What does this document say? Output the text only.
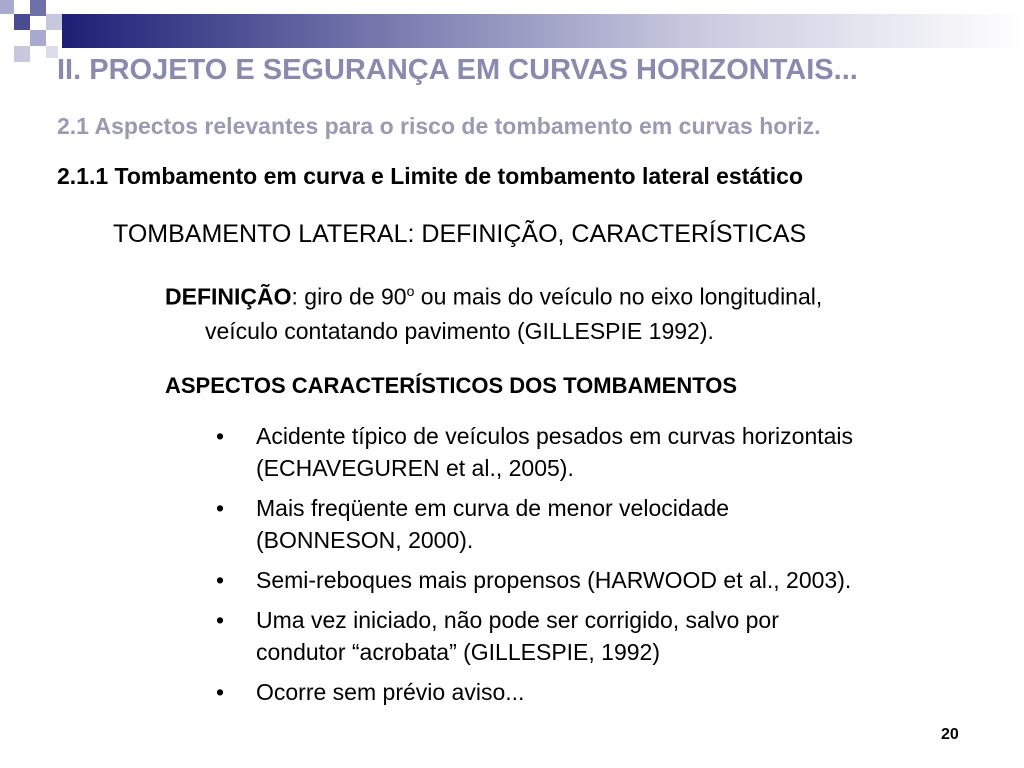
II. PROJETO E SEGURANÇA EM CURVAS HORIZONTAIS...
2.1 Aspectos relevantes para o risco de tombamento em curvas horiz.
2.1.1 Tombamento em curva e Limite de tombamento lateral estático
TOMBAMENTO LATERAL: DEFINIÇÃO, CARACTERÍSTICAS
DEFINIÇÃO: giro de 90$^o$ ou mais do veículo no eixo longitudinal,
veículo contatando pavimento (GILLESPIE 1992).
ASPECTOS CARACTERÍSTICOS DOS TOMBAMENTOS
• Acidente típico de veículos pesados em curvas horizontais
(ECHAVEGUREN et al., 2005).
• Mais freqüente em curva de menor velocidade
(BONNESON, 2000).
• Semi-reboques mais propensos (HARWOOD et al., 2003).
• Uma vez iniciado, não pode ser corrigido, salvo por
condutor “acrobata” (GILLESPIE, 1992)
• Ocorre sem prévio aviso...
20
